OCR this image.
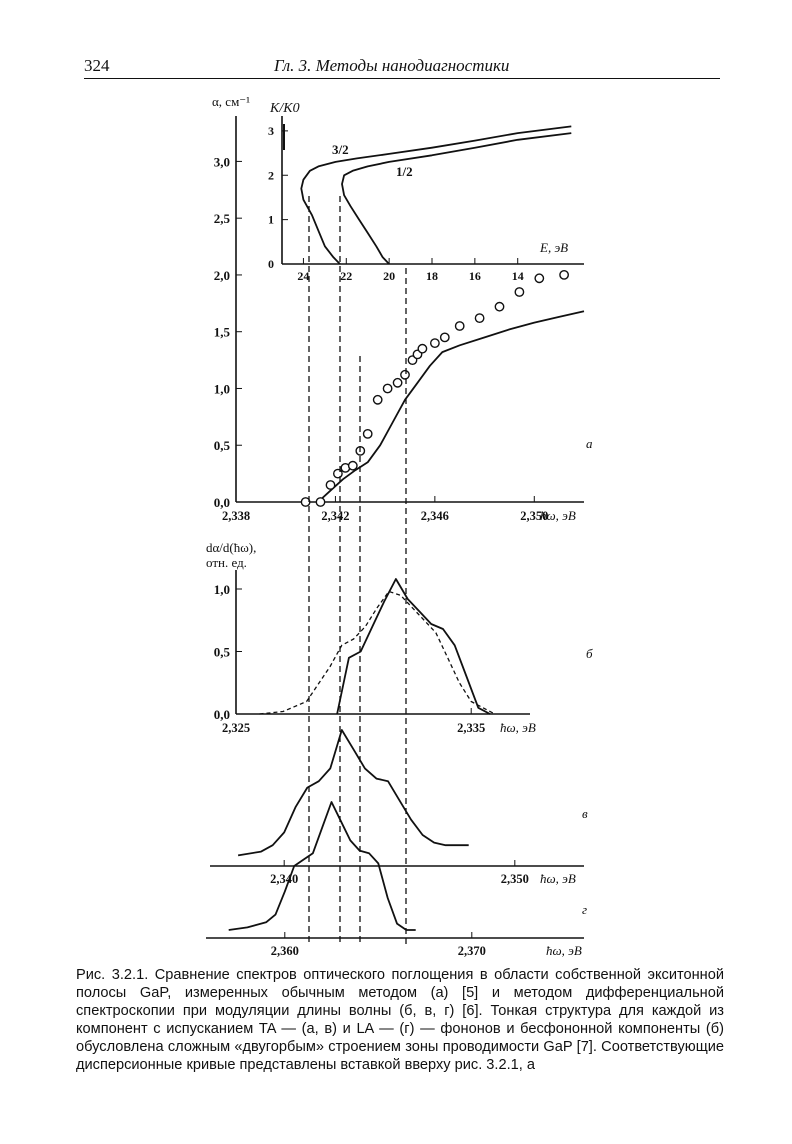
324	Гл. 3. Методы нанодиагностики
0
1
2
3
24	22	20	18	16	14
K/K0
E, эВ
3/2
1/2
0,0
0,5
1,0
1,5
2,0
2,5
3,0
2,338	2,342	2,346	2,350
α, см⁻¹
ħω, эВ
а
0,0
0,5
1,0
2,325	2,335
dα/d(ħω),
отн. ед.
ħω, эВ
б
2,340	2,350 ħω, эВ
в
2,360	2,370	ħω, эВ
г
Рис. 3.2.1. Сравнение спектров оптического поглощения в области собственной экситонной полосы GaP, измеренных обычным методом (а) [5] и методом дифференциальной спектроскопии при модуляции длины волны (б, в, г) [6]. Тонкая структура для каждой из компонент с испусканием TA — (а, в) и LA — (г) — фононов и бесфононной компоненты (б) обусловлена сложным «двугорбым» строением зоны проводимости GaP [7]. Соответствующие дисперсионные кривые представлены вставкой вверху рис. 3.2.1, а
